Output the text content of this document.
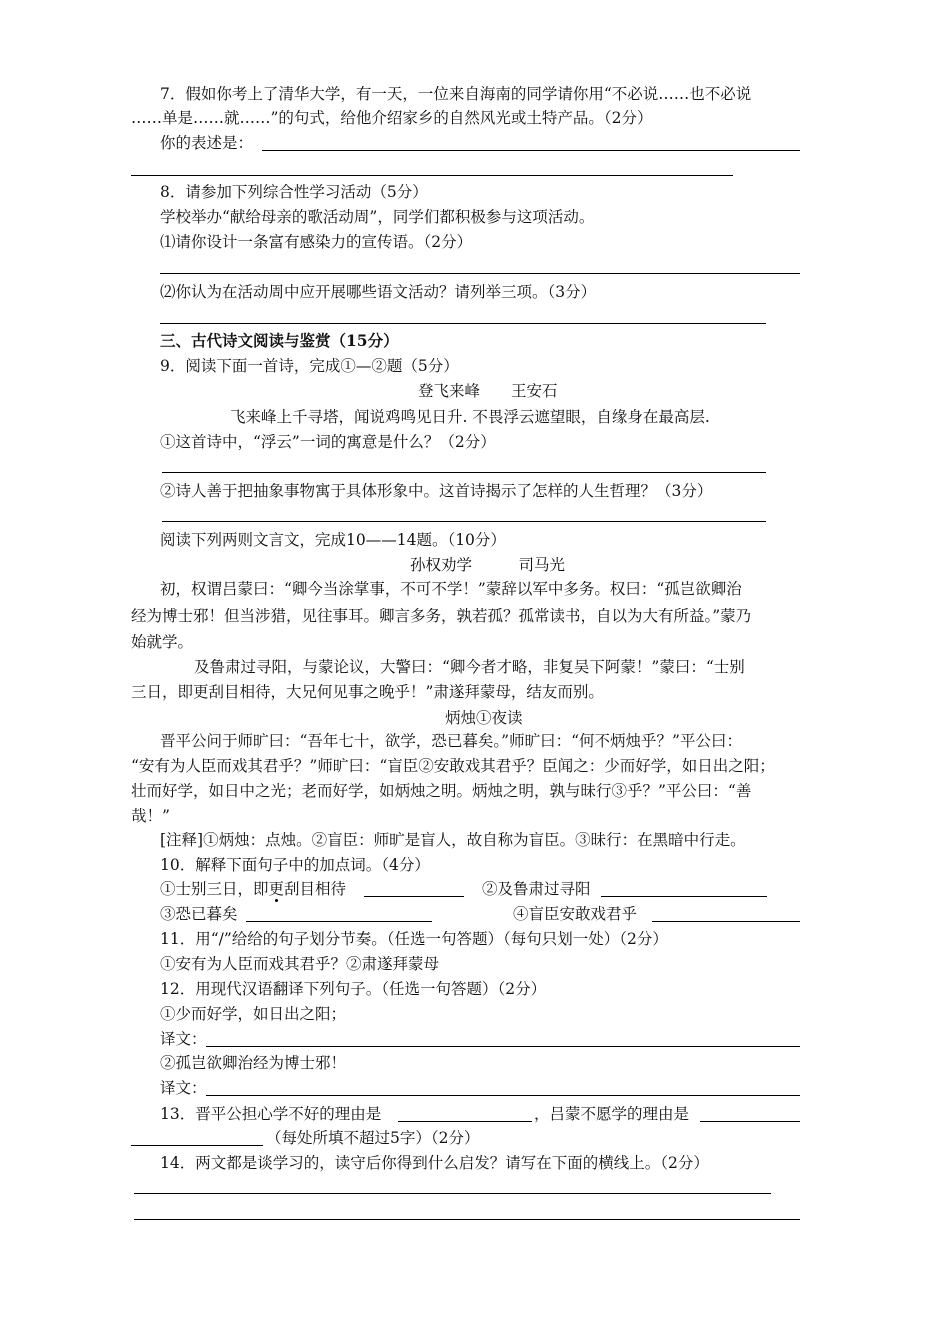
7．假如你考上了清华大学，有一天，一位来自海南的同学请你用“不必说……也不必说
……单是……就……”的句式，给他介绍家乡的自然风光或土特产品。（2分）
你的表述是：
8．请参加下列综合性学习活动（5分）
学校举办“献给母亲的歌活动周”，同学们都积极参与这项活动。
⑴请你设计一条富有感染力的宣传语。（2分）
⑵你认为在活动周中应开展哪些语文活动？请列举三项。（3分）
三、古代诗文阅读与鉴赏（15分）
9．阅读下面一首诗，完成①—②题（5分）
登飞来峰　　王安石
飞来峰上千寻塔，闻说鸡鸣见日升. 不畏浮云遮望眼，自缘身在最高层.
①这首诗中，“浮云”一词的寓意是什么？（2分）
②诗人善于把抽象事物寓于具体形象中。这首诗揭示了怎样的人生哲理？（3分）
阅读下列两则文言文，完成10——14题。（10分）
孙权劝学　　　司马光
初，权谓吕蒙曰：“卿今当涂掌事，不可不学！”蒙辞以军中多务。权曰：“孤岂欲卿治
经为博士邪！但当涉猎，见往事耳。卿言多务，孰若孤？孤常读书，自以为大有所益。”蒙乃
始就学。
及鲁肃过寻阳，与蒙论议，大警曰：“卿今者才略，非复吴下阿蒙！”蒙曰：“士别
三日，即更刮目相待，大兄何见事之晚乎！”肃遂拜蒙母，结友而别。
炳烛①夜读
晋平公问于师旷曰：“吾年七十，欲学，恐已暮矣。”师旷曰：“何不炳烛乎？”平公曰：
“安有为人臣而戏其君乎？”师旷曰：“盲臣②安敢戏其君乎？臣闻之：少而好学，如日出之阳；
壮而好学，如日中之光；老而好学，如炳烛之明。炳烛之明，孰与昧行③乎？”平公曰：“善
哉！”
[注释]①炳烛：点烛。②盲臣：师旷是盲人，故自称为盲臣。③昧行：在黑暗中行走。
10．解释下面句子中的加点词。（4分）
①士别三日，即更刮目相待	②及鲁肃过寻阳
③恐已暮矣	④盲臣安敢戏君乎
11．用“/”给给的句子划分节奏。（任选一句答题）（每句只划一处）（2分）
①安有为人臣而戏其君乎？②肃遂拜蒙母
12．用现代汉语翻译下列句子。（任选一句答题）（2分）
①少而好学，如日出之阳；
译文：
②孤岂欲卿治经为博士邪！
译文：
13．晋平公担心学不好的理由是	，吕蒙不愿学的理由是
（每处所填不超过5字）（2分）
14．两文都是谈学习的，读守后你得到什么启发？请写在下面的横线上。（2分）
